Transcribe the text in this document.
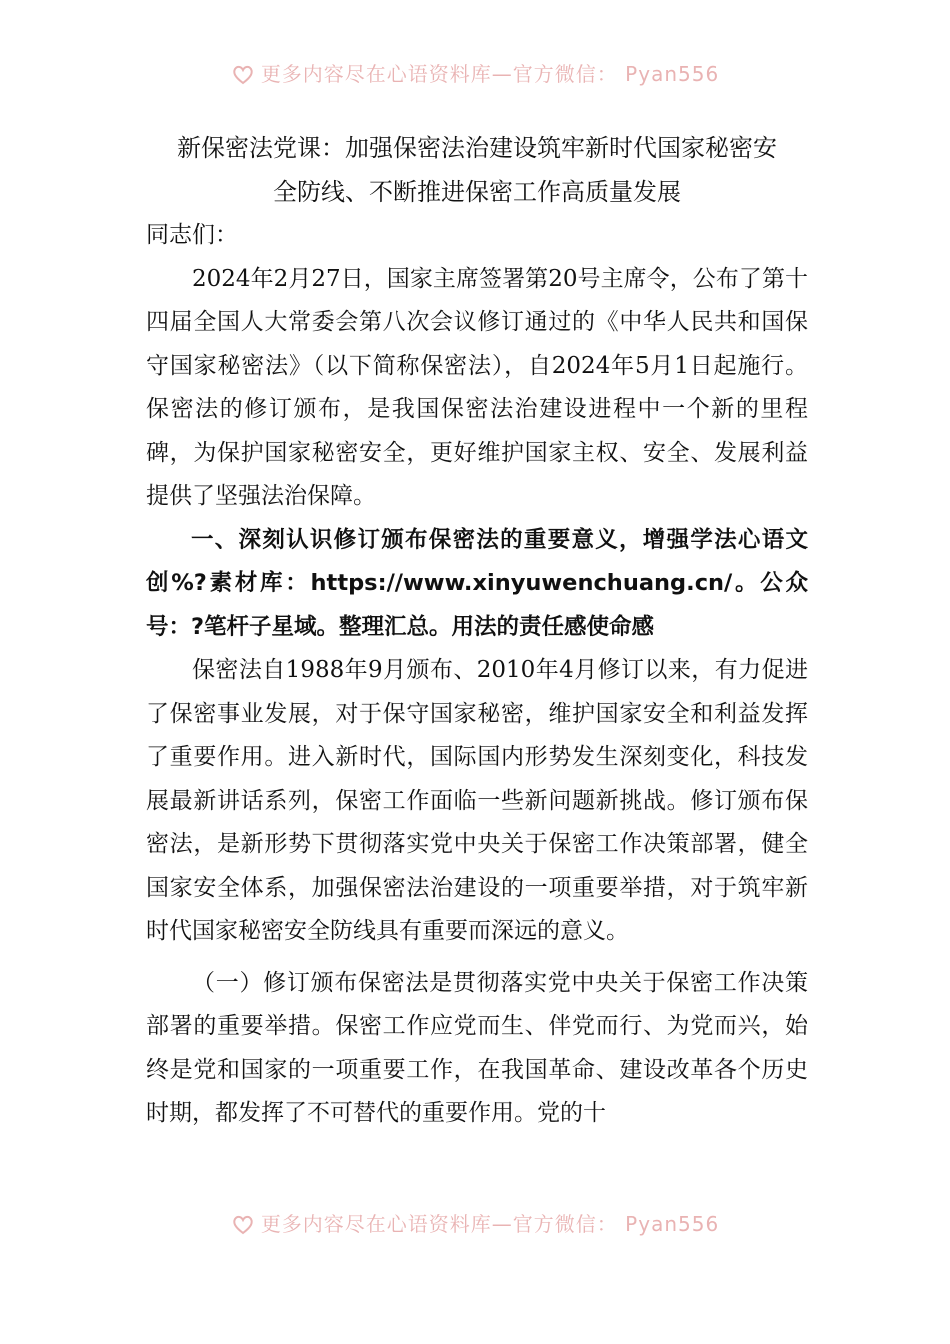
更多内容尽在心语资料库—官方微信： Pyan556

新保密法党课：加强保密法治建设筑牢新时代国家秘密安

全防线、不断推进保密工作高质量发展

同志们：

2024年2月27日，国家主席签署第20号主席令，公布了第十四届全国人大常委会第八次会议修订通过的《中华人民共和国保守国家秘密法》（以下简称保密法），自2024年5月1日起施行。保密法的修订颁布，是我国保密法治建设进程中一个新的里程碑，为保护国家秘密安全，更好维护国家主权、安全、发展利益提供了坚强法治保障。

一、深刻认识修订颁布保密法的重要意义，增强学法心语文创%?素材库：https://www.xinyuwenchuang.cn/。公众号：?笔杆子星域。整理汇总。用法的责任感使命感

保密法自1988年9月颁布、2010年4月修订以来，有力促进了保密事业发展，对于保守国家秘密，维护国家安全和利益发挥了重要作用。进入新时代，国际国内形势发生深刻变化，科技发展最新讲话系列，保密工作面临一些新问题新挑战。修订颁布保密法，是新形势下贯彻落实党中央关于保密工作决策部署，健全国家安全体系，加强保密法治建设的一项重要举措，对于筑牢新时代国家秘密安全防线具有重要而深远的意义。

（一）修订颁布保密法是贯彻落实党中央关于保密工作决策部署的重要举措。保密工作应党而生、伴党而行、为党而兴，始终是党和国家的一项重要工作，在我国革命、建设改革各个历史时期，都发挥了不可替代的重要作用。党的十

更多内容尽在心语资料库—官方微信： Pyan556
